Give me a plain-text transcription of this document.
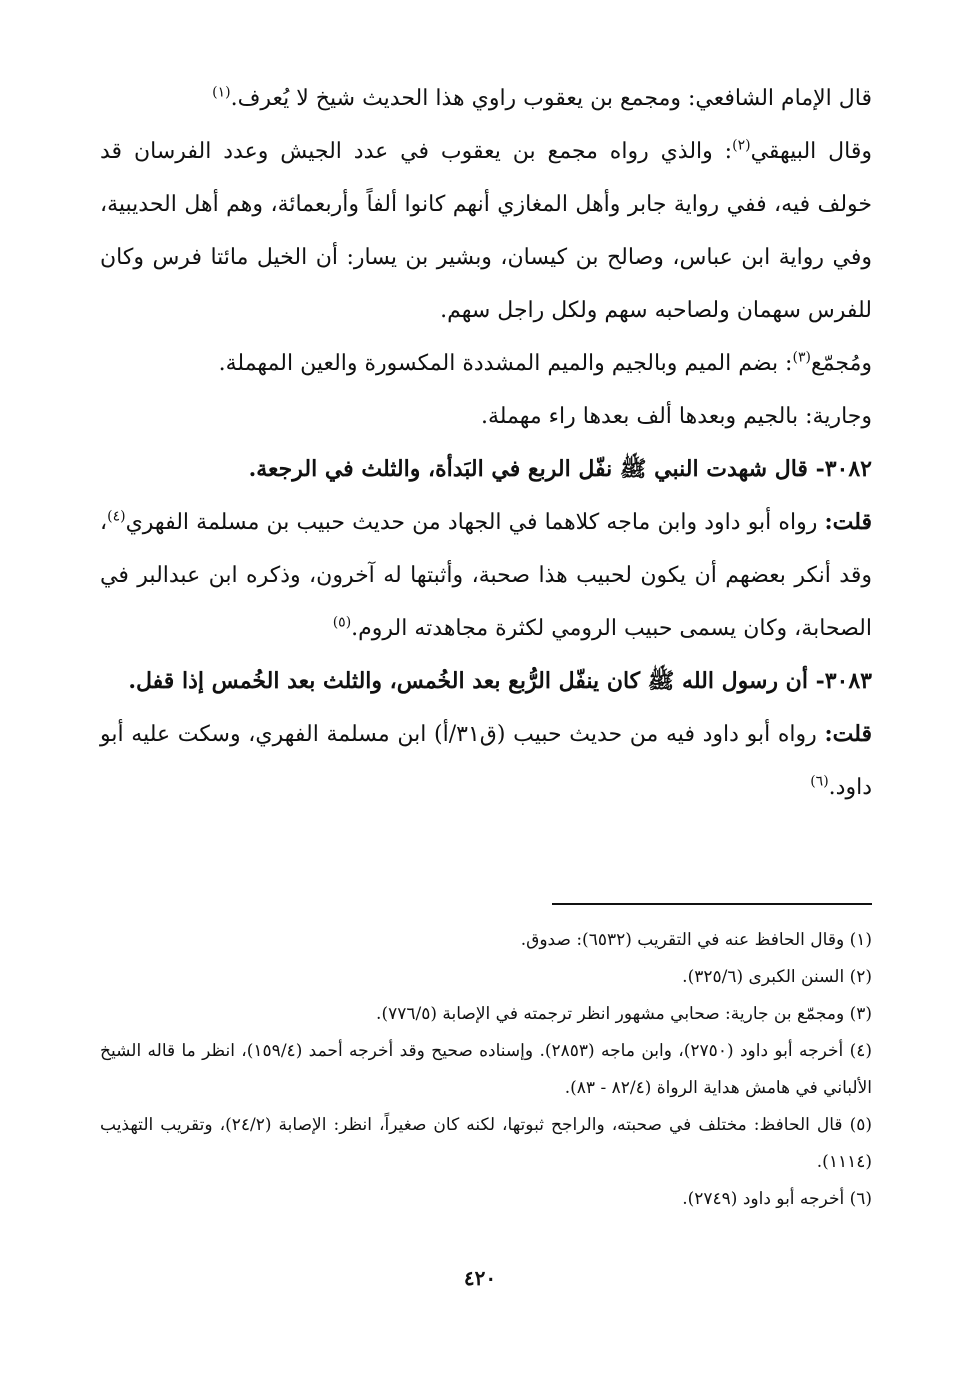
قال الإمام الشافعي: ومجمع بن يعقوب راوي هذا الحديث شيخ لا يُعرف.$^{(١)}$

وقال البيهقي$^{(٢)}$: والذي رواه مجمع بن يعقوب في عدد الجيش وعدد الفرسان قد خولف فيه، ففي رواية جابر وأهل المغازي أنهم كانوا ألفاً وأربعمائة، وهم أهل الحديبية، وفي رواية ابن عباس، وصالح بن كيسان، وبشير بن يسار: أن الخيل مائتا فرس وكان للفرس سهمان ولصاحبه سهم ولكل راجل سهم.

ومُجمّع$^{(٣)}$: بضم الميم وبالجيم والميم المشددة المكسورة والعين المهملة.

وجارية: بالجيم وبعدها ألف بعدها راء مهملة.

٣٠٨٢- قال شهدت النبي ﷺ نفّل الربع في البَدأة، والثلث في الرجعة.

قلت: رواه أبو داود وابن ماجه كلاهما في الجهاد من حديث حبيب بن مسلمة الفهري$^{(٤)}$، وقد أنكر بعضهم أن يكون لحبيب هذا صحبة، وأثبتها له آخرون، وذكره ابن عبدالبر في الصحابة، وكان يسمى حبيب الرومي لكثرة مجاهدته الروم.$^{(٥)}$

٣٠٨٣- أن رسول الله ﷺ كان ينفّل الرُّبع بعد الخُمس، والثلث بعد الخُمس إذا قفل.

قلت: رواه أبو داود فيه من حديث حبيب (ق٣١/أ) ابن مسلمة الفهري، وسكت عليه أبو داود.$^{(٦)}$

(١) وقال الحافظ عنه في التقريب (٦٥٣٢): صدوق.

(٢) السنن الكبرى (٣٢٥/٦).

(٣) ومجمّع بن جارية: صحابي مشهور انظر ترجمته في الإصابة (٧٧٦/٥).

(٤) أخرجه أبو داود (٢٧٥٠)، وابن ماجه (٢٨٥٣). وإسناده صحيح وقد أخرجه أحمد (١٥٩/٤)، انظر ما قاله الشيخ الألباني في هامش هداية الرواة (٨٢/٤ - ٨٣).

(٥) قال الحافظ: مختلف في صحبته، والراجح ثبوتها، لكنه كان صغيراً، انظر: الإصابة (٢٤/٢)، وتقريب التهذيب (١١١٤).

(٦) أخرجه أبو داود (٢٧٤٩).

٤٢٠
